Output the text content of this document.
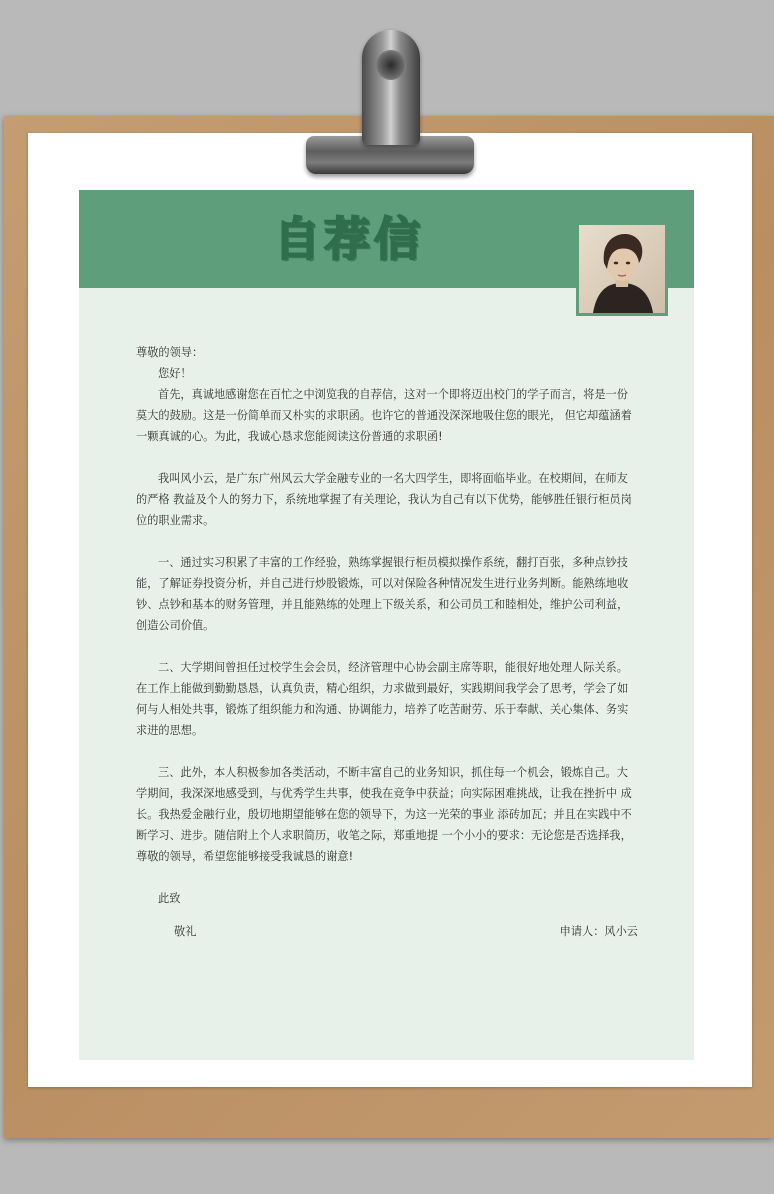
自荐信

尊敬的领导：

您好！

首先，真诚地感谢您在百忙之中浏览我的自荐信，这对一个即将迈出校门的学子而言，将是一份莫大的鼓励。这是一份简单而又朴实的求职函。也许它的普通没深深地吸住您的眼光， 但它却蕴涵着一颗真诚的心。为此，我诚心恳求您能阅读这份普通的求职函!

我叫风小云，是广东广州风云大学金融专业的一名大四学生，即将面临毕业。在校期间，在师友的严格 教益及个人的努力下，系统地掌握了有关理论，我认为自己有以下优势，能够胜任银行柜员岗位的职业需求。

一、通过实习积累了丰富的工作经验，熟练掌握银行柜员模拟操作系统，翻打百张，多种点钞技能，了解证券投资分析，并自己进行炒股锻炼，可以对保险各种情况发生进行业务判断。能熟练地收钞、点钞和基本的财务管理，并且能熟练的处理上下级关系，和公司员工和睦相处，维护公司利益，创造公司价值。

二、大学期间曾担任过校学生会会员，经济管理中心协会副主席等职，能很好地处理人际关系。在工作上能做到勤勤恳恳，认真负责，精心组织，力求做到最好，实践期间我学会了思考，学会了如何与人相处共事，锻炼了组织能力和沟通、协调能力，培养了吃苦耐劳、乐于奉献、关心集体、务实求进的思想。

三、此外，本人积极参加各类活动，不断丰富自己的业务知识，抓住每一个机会，锻炼自己。大学期间，我深深地感受到，与优秀学生共事，使我在竞争中获益；向实际困难挑战，让我在挫折中 成长。我热爱金融行业，殷切地期望能够在您的领导下，为这一光荣的事业 添砖加瓦；并且在实践中不断学习、进步。随信附上个人求职简历，收笔之际，郑重地提 一个小小的要求：无论您是否选择我，尊敬的领导，希望您能够接受我诚恳的谢意!

此致

敬礼	申请人：风小云
